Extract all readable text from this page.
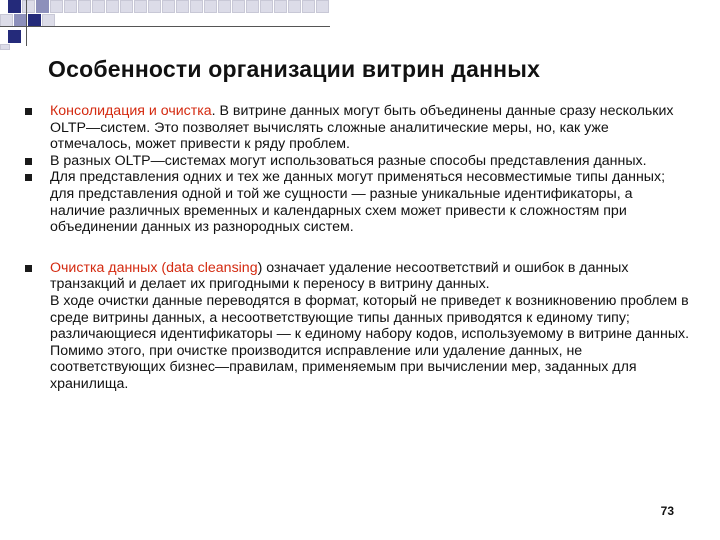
Особенности организации витрин данных
Консолидация и очистка. В витрине данных могут быть объединены данные сразу нескольких OLTP—систем. Это позволяет вычислять сложные аналитические меры, но, как уже отмечалось, может привести к ряду проблем.
В разных OLTP—системах могут использоваться разные способы представления данных.
Для представления одних и тех же данных могут применяться несовместимые типы данных; для представления одной и той же сущности — разные уникальные идентификаторы, а наличие различных временных и календарных схем может привести к сложностям при объединении данных из разнородных систем.
Очистка данных (data cleansing) означает удаление несоответствий и ошибок в данных транзакций и делает их пригодными к переносу в витрину данных.
В ходе очистки данные переводятся в формат, который не приведет к возникновению проблем в среде витрины данных, а несоответствующие типы данных приводятся к единому типу; различающиеся идентификаторы — к единому набору кодов, используемому в витрине данных. Помимо этого, при очистке производится исправление или удаление данных, не соответствующих бизнес—правилам, применяемым при вычислении мер, заданных для хранилища.
73
